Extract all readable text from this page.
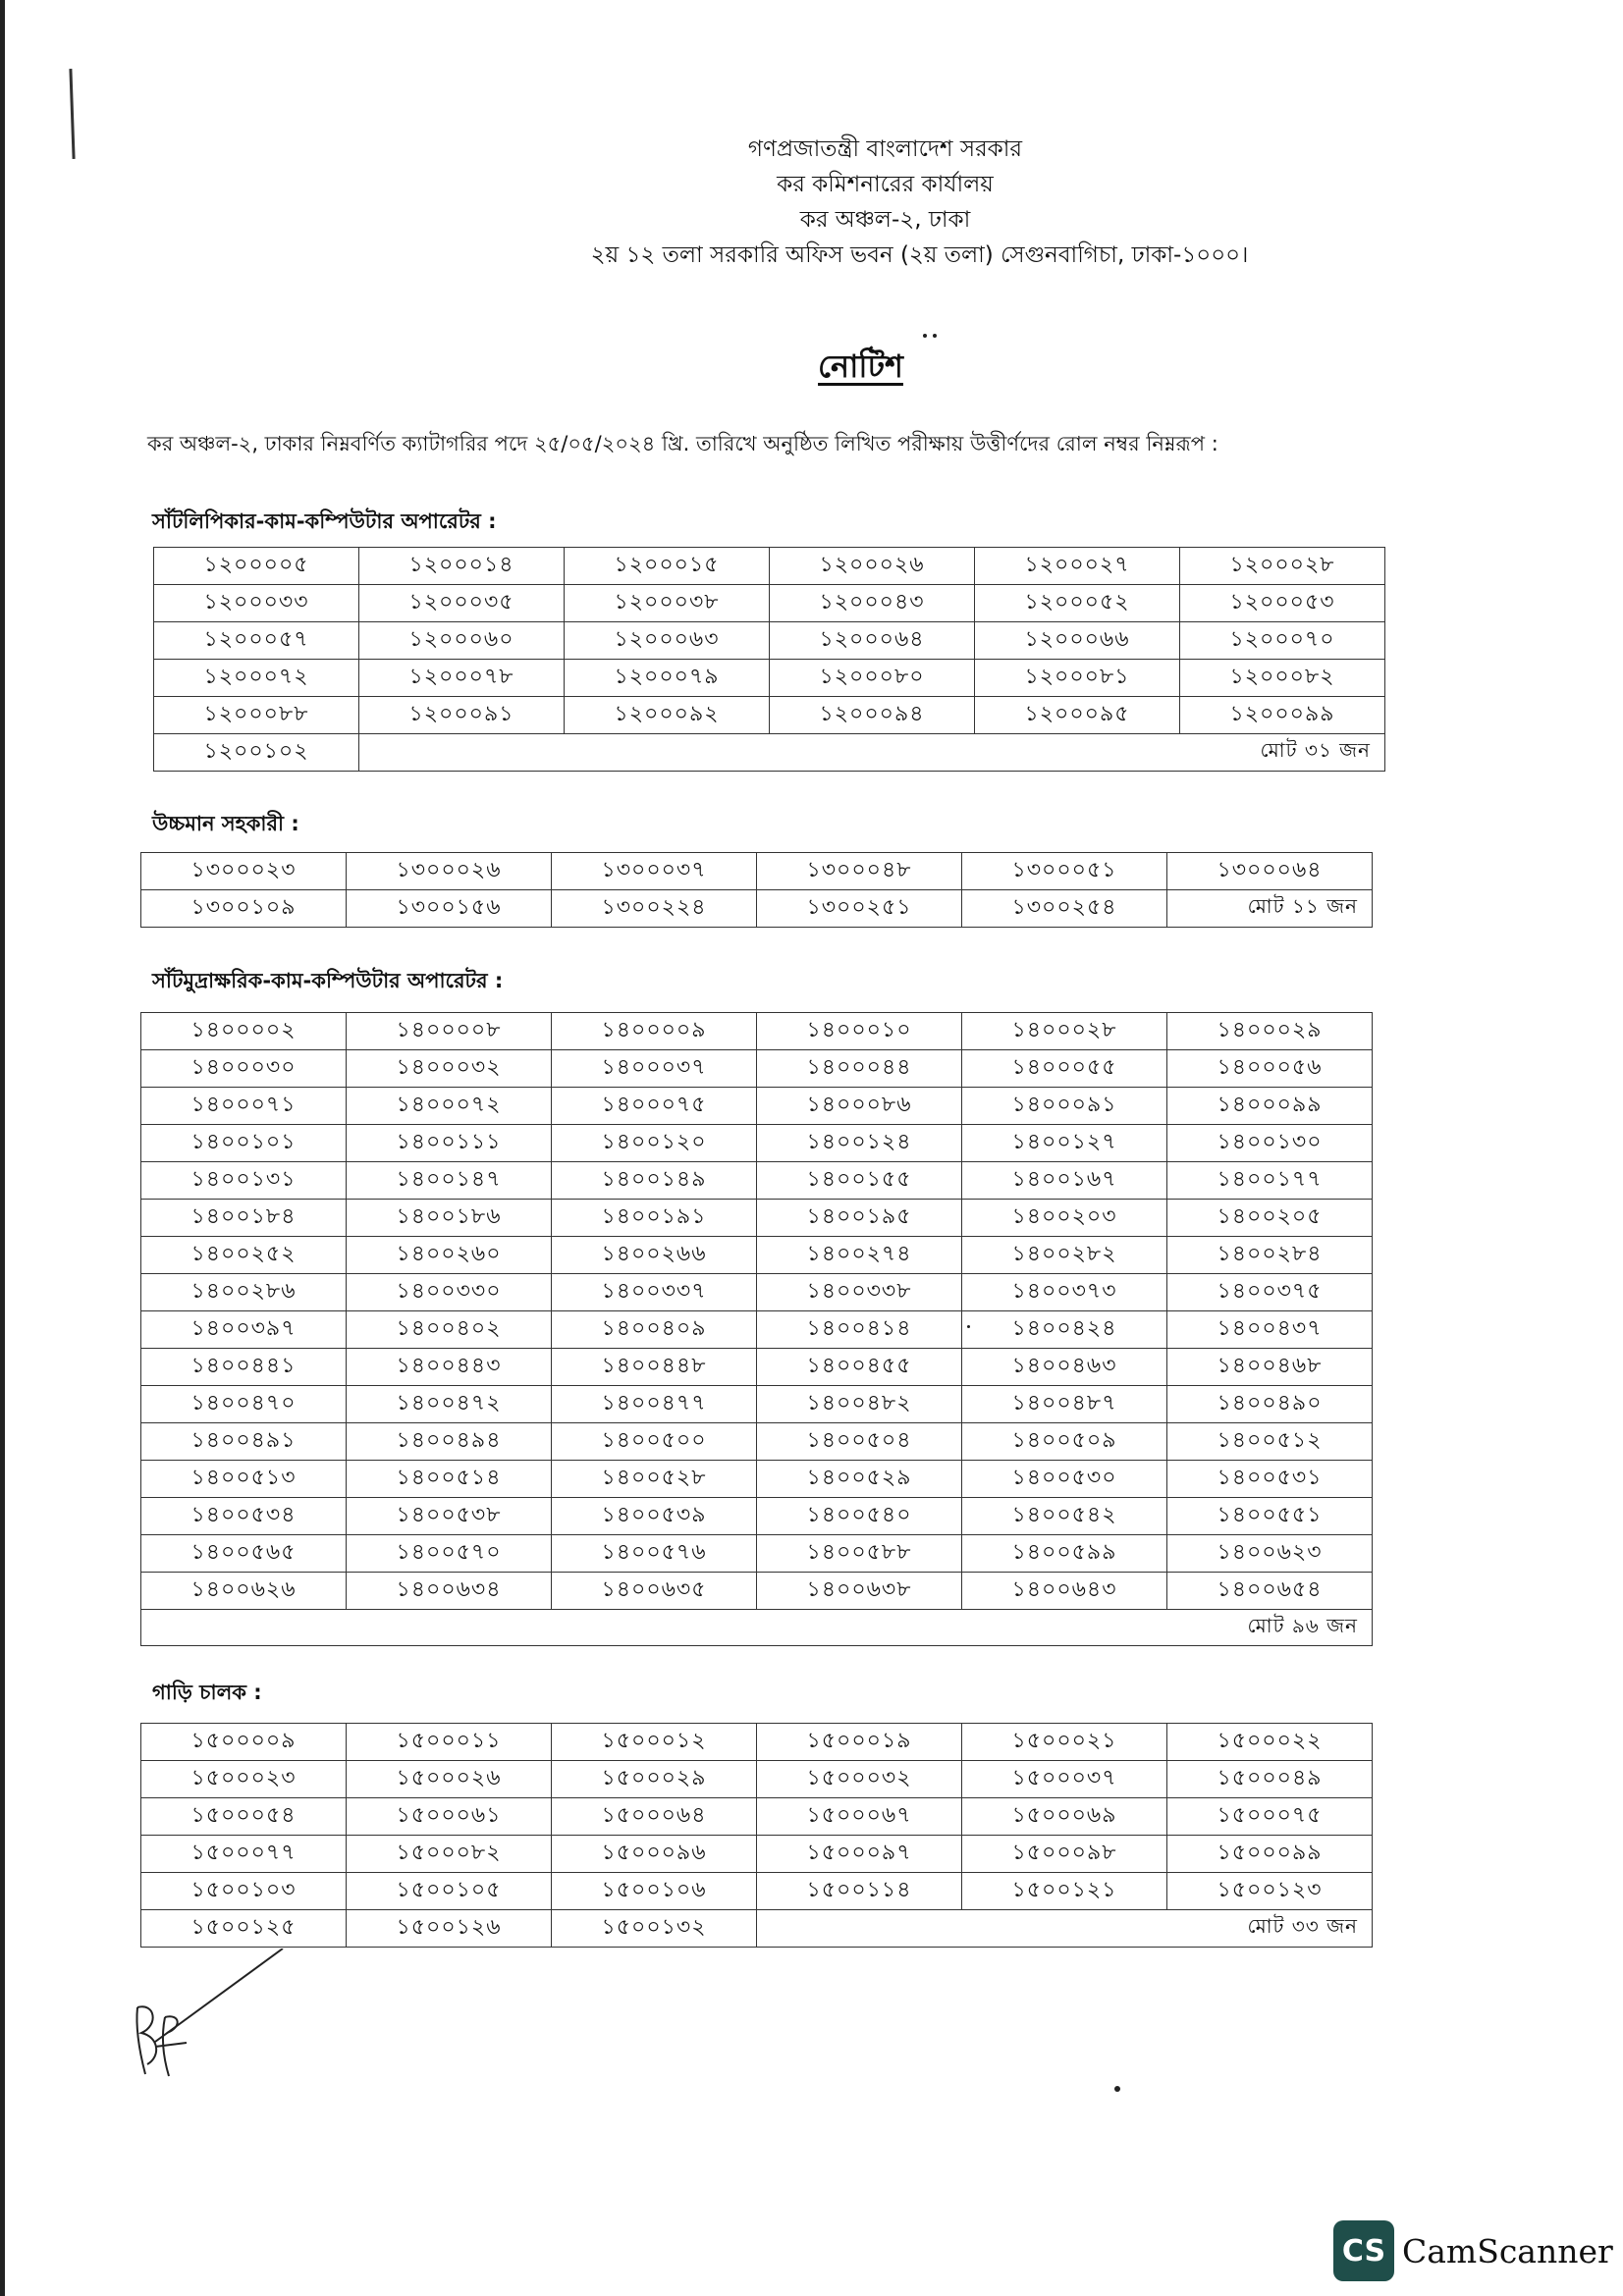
গণপ্রজাতন্ত্রী বাংলাদেশ সরকার
কর কমিশনারের কার্যালয়
কর অঞ্চল-২, ঢাকা
২য় ১২ তলা সরকারি অফিস ভবন (২য় তলা) সেগুনবাগিচা, ঢাকা-১০০০।
নোটিশ
কর অঞ্চল-২, ঢাকার নিম্নবর্ণিত ক্যাটাগরির পদে ২৫/০৫/২০২৪ খ্রি. তারিখে অনুষ্ঠিত লিখিত পরীক্ষায় উত্তীর্ণদের রোল নম্বর নিম্নরূপ :
সাঁটলিপিকার-কাম-কম্পিউটার অপারেটর :
১২০০০০৫	১২০০০১৪	১২০০০১৫	১২০০০২৬	১২০০০২৭	১২০০০২৮
১২০০০৩৩	১২০০০৩৫	১২০০০৩৮	১২০০০৪৩	১২০০০৫২	১২০০০৫৩
১২০০০৫৭	১২০০০৬০	১২০০০৬৩	১২০০০৬৪	১২০০০৬৬	১২০০০৭০
১২০০০৭২	১২০০০৭৮	১২০০০৭৯	১২০০০৮০	১২০০০৮১	১২০০০৮২
১২০০০৮৮	১২০০০৯১	১২০০০৯২	১২০০০৯৪	১২০০০৯৫	১২০০০৯৯
১২০০১০২	মোট ৩১ জন				
উচ্চমান সহকারী :
১৩০০০২৩	১৩০০০২৬	১৩০০০৩৭	১৩০০০৪৮	১৩০০০৫১	১৩০০০৬৪
১৩০০১০৯	১৩০০১৫৬	১৩০০২২৪	১৩০০২৫১	১৩০০২৫৪	মোট ১১ জন
সাঁটমুদ্রাক্ষরিক-কাম-কম্পিউটার অপারেটর :
১৪০০০০২	১৪০০০০৮	১৪০০০০৯	১৪০০০১০	১৪০০০২৮	১৪০০০২৯
১৪০০০৩০	১৪০০০৩২	১৪০০০৩৭	১৪০০০৪৪	১৪০০০৫৫	১৪০০০৫৬
১৪০০০৭১	১৪০০০৭২	১৪০০০৭৫	১৪০০০৮৬	১৪০০০৯১	১৪০০০৯৯
১৪০০১০১	১৪০০১১১	১৪০০১২০	১৪০০১২৪	১৪০০১২৭	১৪০০১৩০
১৪০০১৩১	১৪০০১৪৭	১৪০০১৪৯	১৪০০১৫৫	১৪০০১৬৭	১৪০০১৭৭
১৪০০১৮৪	১৪০০১৮৬	১৪০০১৯১	১৪০০১৯৫	১৪০০২০৩	১৪০০২০৫
১৪০০২৫২	১৪০০২৬০	১৪০০২৬৬	১৪০০২৭৪	১৪০০২৮২	১৪০০২৮৪
১৪০০২৮৬	১৪০০৩৩০	১৪০০৩৩৭	১৪০০৩৩৮	১৪০০৩৭৩	১৪০০৩৭৫
১৪০০৩৯৭	১৪০০৪০২	১৪০০৪০৯	১৪০০৪১৪	১৪০০৪২৪	১৪০০৪৩৭
১৪০০৪৪১	১৪০০৪৪৩	১৪০০৪৪৮	১৪০০৪৫৫	১৪০০৪৬৩	১৪০০৪৬৮
১৪০০৪৭০	১৪০০৪৭২	১৪০০৪৭৭	১৪০০৪৮২	১৪০০৪৮৭	১৪০০৪৯০
১৪০০৪৯১	১৪০০৪৯৪	১৪০০৫০০	১৪০০৫০৪	১৪০০৫০৯	১৪০০৫১২
১৪০০৫১৩	১৪০০৫১৪	১৪০০৫২৮	১৪০০৫২৯	১৪০০৫৩০	১৪০০৫৩১
১৪০০৫৩৪	১৪০০৫৩৮	১৪০০৫৩৯	১৪০০৫৪০	১৪০০৫৪২	১৪০০৫৫১
১৪০০৫৬৫	১৪০০৫৭০	১৪০০৫৭৬	১৪০০৫৮৮	১৪০০৫৯৯	১৪০০৬২৩
১৪০০৬২৬	১৪০০৬৩৪	১৪০০৬৩৫	১৪০০৬৩৮	১৪০০৬৪৩	১৪০০৬৫৪
মোট ৯৬ জন					
গাড়ি চালক :
১৫০০০০৯	১৫০০০১১	১৫০০০১২	১৫০০০১৯	১৫০০০২১	১৫০০০২২
১৫০০০২৩	১৫০০০২৬	১৫০০০২৯	১৫০০০৩২	১৫০০০৩৭	১৫০০০৪৯
১৫০০০৫৪	১৫০০০৬১	১৫০০০৬৪	১৫০০০৬৭	১৫০০০৬৯	১৫০০০৭৫
১৫০০০৭৭	১৫০০০৮২	১৫০০০৯৬	১৫০০০৯৭	১৫০০০৯৮	১৫০০০৯৯
১৫০০১০৩	১৫০০১০৫	১৫০০১০৬	১৫০০১১৪	১৫০০১২১	১৫০০১২৩
১৫০০১২৫	১৫০০১২৬	১৫০০১৩২	মোট ৩৩ জন		
CS CamScanner
